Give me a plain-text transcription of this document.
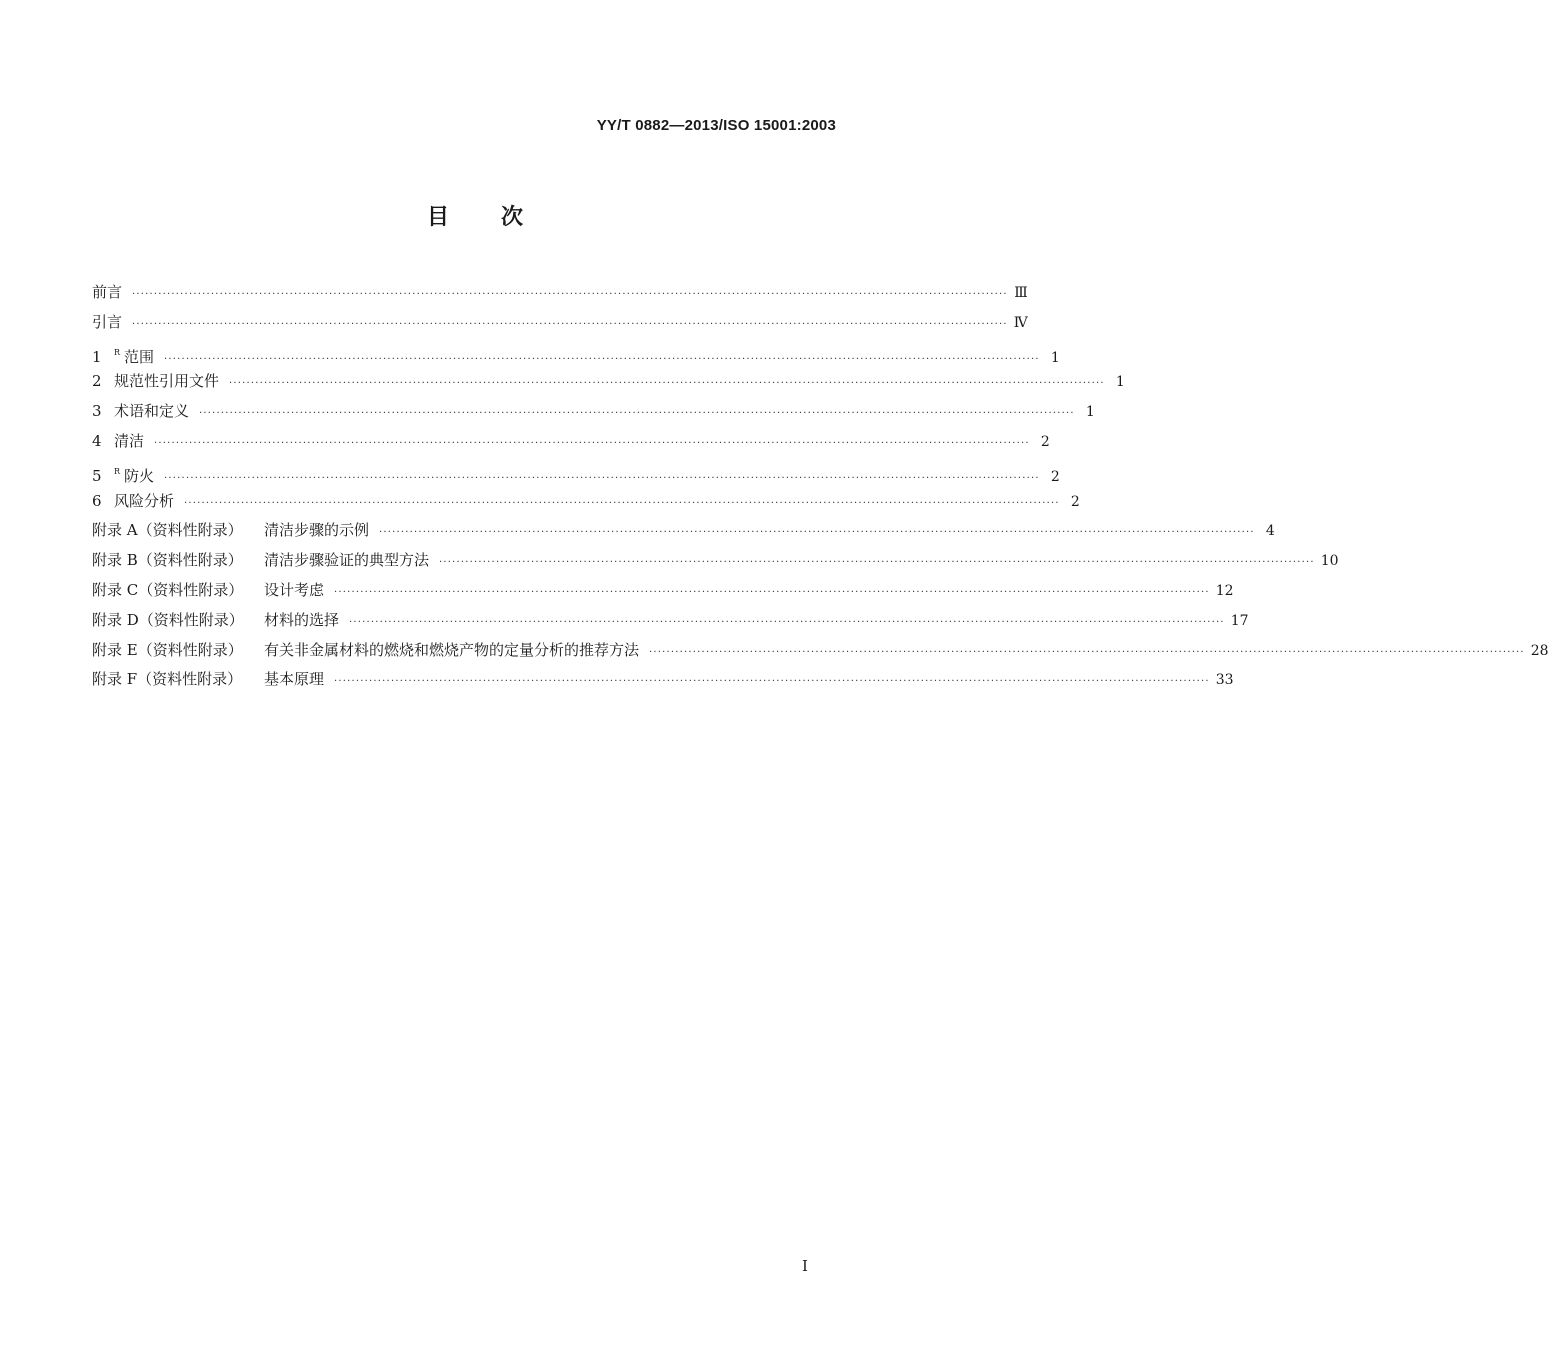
YY/T 0882—2013/ISO 15001:2003
目 次
前言 ········································································································································································································ Ⅲ
引言 ········································································································································································································ Ⅳ
1 $^R$ 范围 ········································································································································································································ 1
2 规范性引用文件 ········································································································································································································ 1
3 术语和定义 ········································································································································································································ 1
4 清洁 ········································································································································································································ 2
5 $^R$ 防火 ········································································································································································································ 2
6 风险分析 ········································································································································································································ 2
附录 A（资料性附录） 清洁步骤的示例 ········································································································································································································ 4
附录 B（资料性附录） 清洁步骤验证的典型方法 ········································································································································································································ 10
附录 C（资料性附录） 设计考虑 ········································································································································································································ 12
附录 D（资料性附录） 材料的选择 ········································································································································································································ 17
附录 E（资料性附录） 有关非金属材料的燃烧和燃烧产物的定量分析的推荐方法 ········································································································································································································ 28
附录 F（资料性附录） 基本原理 ········································································································································································································ 33
I
